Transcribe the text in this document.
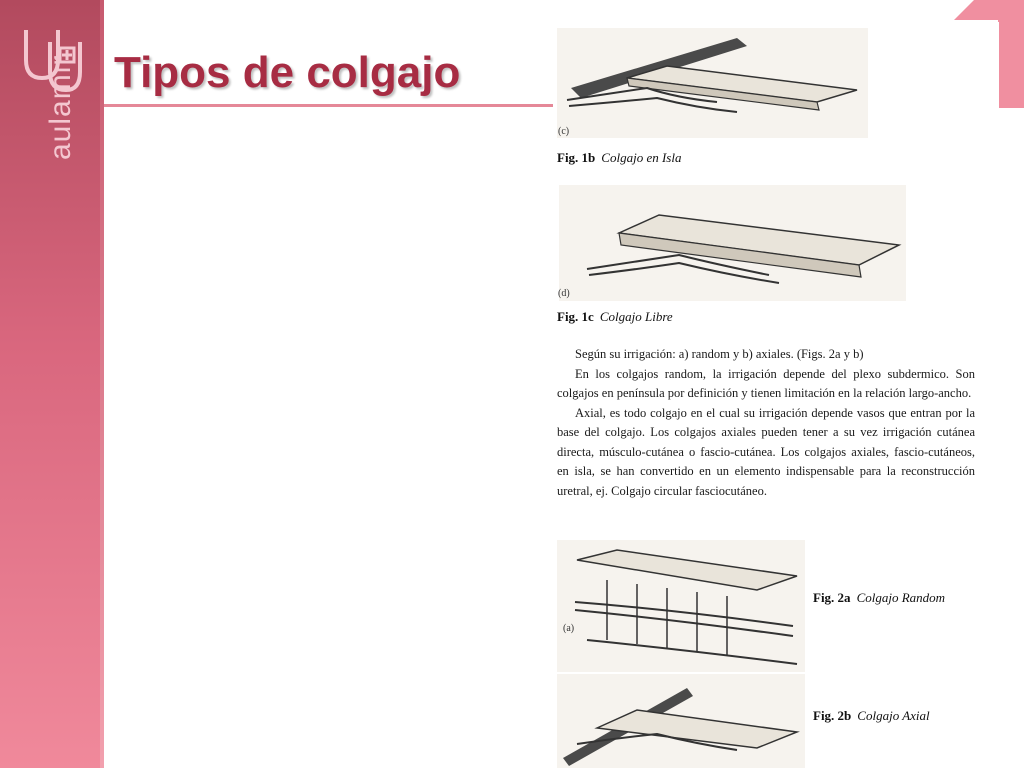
aulamir Tipos de colgajo
(c)
Fig. 1b Colgajo en Isla
(d)
Fig. 1c Colgajo Libre

Según su irrigación: a) random y b) axiales. (Figs. 2a y b)

En los colgajos random, la irrigación depende del plexo subdermico. Son colgajos en península por definición y tienen limitación en la relación largo-ancho.

Axial, es todo colgajo en el cual su irrigación depende vasos que entran por la base del colgajo. Los colgajos axiales pueden tener a su vez irrigación cutánea directa, músculo-cutánea o fascio-cutánea. Los colgajos axiales, fascio-cutáneos, en isla, se han convertido en un elemento indispensable para la reconstrucción uretral, ej. Colgajo circular fasciocutáneo.

(a)
Fig. 2a Colgajo Random
Fig. 2b Colgajo Axial
